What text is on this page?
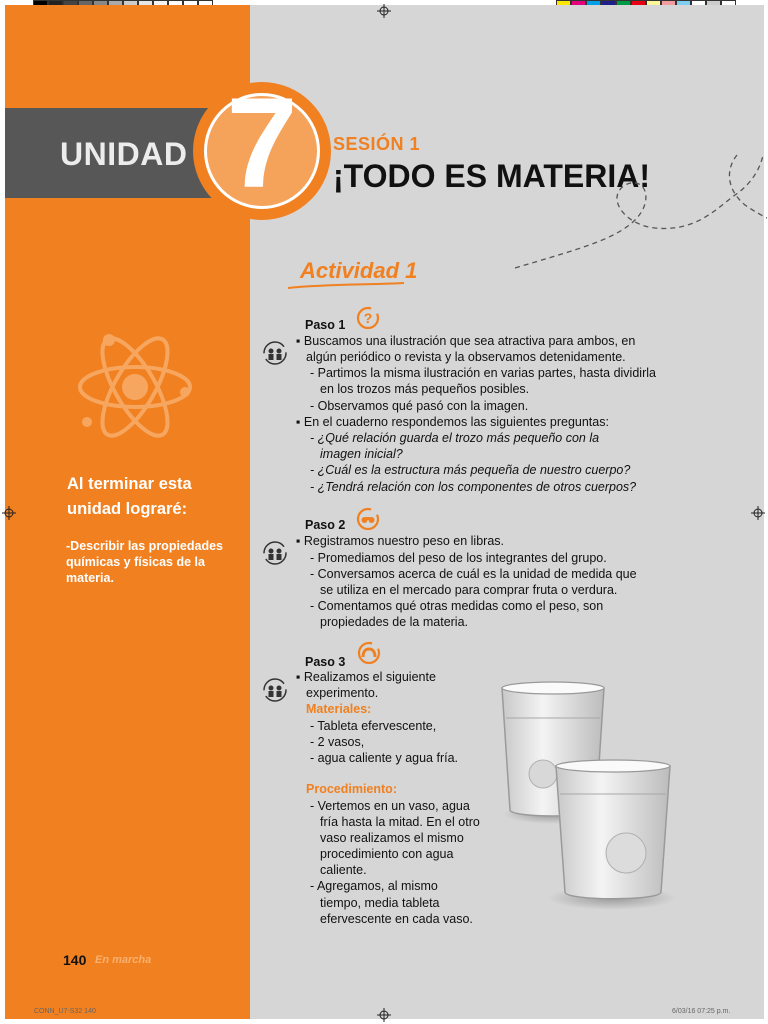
UNIDAD 7	SESIÓN 1
¡TODO ES MATERIA!
Actividad 1
Al terminar esta unidad lograré:
-Describir las propiedades químicas y físicas de la materia.
Paso 1 ?
▪ Buscamos una ilustración que sea atractiva para ambos, en
algún periódico o revista y la observamos detenidamente.
- Partimos la misma ilustración en varias partes, hasta dividirla
en los trozos más pequeños posibles.
- Observamos qué pasó con la imagen.
▪ En el cuaderno respondemos las siguientes preguntas:
- ¿Qué relación guarda el trozo más pequeño con la
imagen inicial?
- ¿Cuál es la estructura más pequeña de nuestro cuerpo?
- ¿Tendrá relación con los componentes de otros cuerpos?
Paso 2
▪ Registramos nuestro peso en libras.
- Promediamos del peso de los integrantes del grupo.
- Conversamos acerca de cuál es la unidad de medida que
se utiliza en el mercado para comprar fruta o verdura.
- Comentamos qué otras medidas como el peso, son
propiedades de la materia.
Paso 3
▪ Realizamos el siguiente
experimento.
Materiales:
- Tableta efervescente,
- 2 vasos,
- agua caliente y agua fría.
Procedimiento:
- Vertemos en un vaso, agua
fría hasta la mitad. En el otro
vaso realizamos el mismo
procedimiento con agua
caliente.
- Agregamos, al mismo
tiempo, media tableta
efervescente en cada vaso.
140 En marcha
CONN_U7-S32 140	6/03/16 07:25 p.m.
